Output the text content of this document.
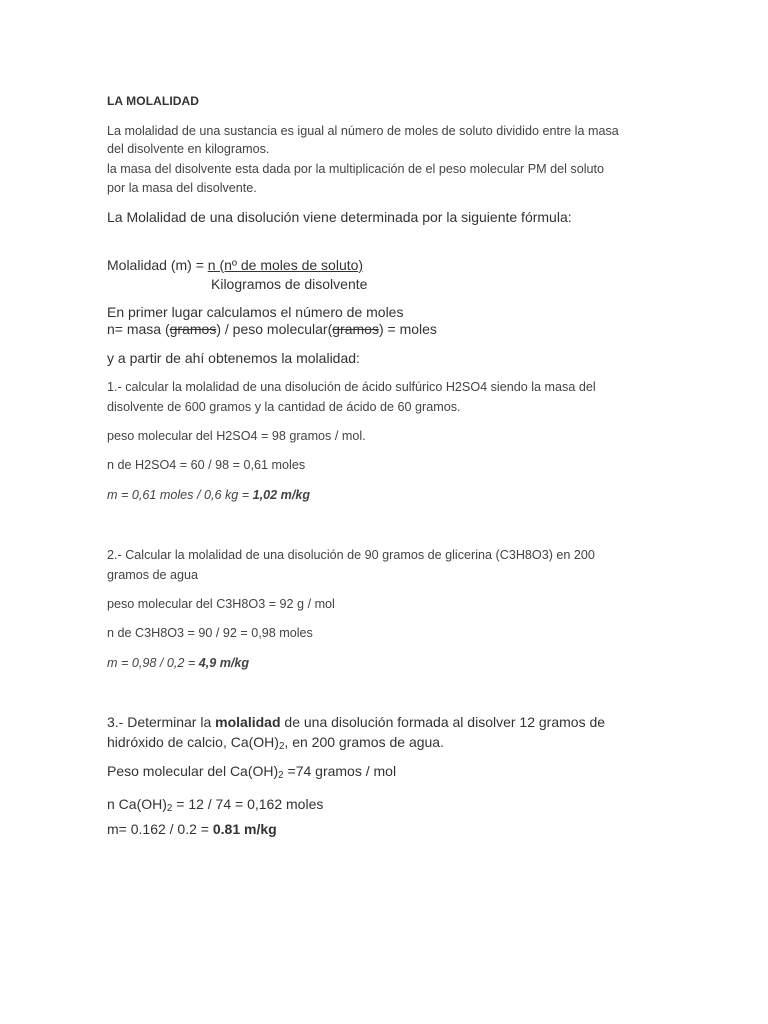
LA MOLALIDAD

La molalidad de una sustancia es igual al número de moles de soluto dividido entre la masa

del disolvente en kilogramos.

la masa del disolvente esta dada por la multiplicación de el peso molecular PM del soluto

por la masa del disolvente.

La Molalidad de una disolución viene determinada por la siguiente fórmula:

Molalidad (m) = n (nº de moles de soluto)

Kilogramos de disolvente

En primer lugar calculamos el número de moles

n= masa (gramos) / peso molecular(gramos) = moles

y a partir de ahí obtenemos la molalidad:

1.- calcular la molalidad de una disolución de ácido sulfúrico H2SO4 siendo la masa del

disolvente de 600 gramos y la cantidad de ácido de 60 gramos.

peso molecular del H2SO4 = 98 gramos / mol.

n de H2SO4 = 60 / 98 = 0,61 moles

m = 0,61 moles / 0,6 kg = 1,02 m/kg

2.- Calcular la molalidad de una disolución de 90 gramos de glicerina (C3H8O3) en 200

gramos de agua

peso molecular del C3H8O3 = 92 g / mol

n de C3H8O3 = 90 / 92 = 0,98 moles

m = 0,98 / 0,2 = 4,9 m/kg

3.- Determinar la molalidad de una disolución formada al disolver 12 gramos de

hidróxido de calcio, $Ca(OH)_2$, en 200 gramos de agua.

Peso molecular del $Ca(OH)_2 =74$ gramos / mol

n $Ca(OH)_2 = 12 / 74 = 0,162$ moles

m= 0.162 / 0.2 = 0.81 m/kg
